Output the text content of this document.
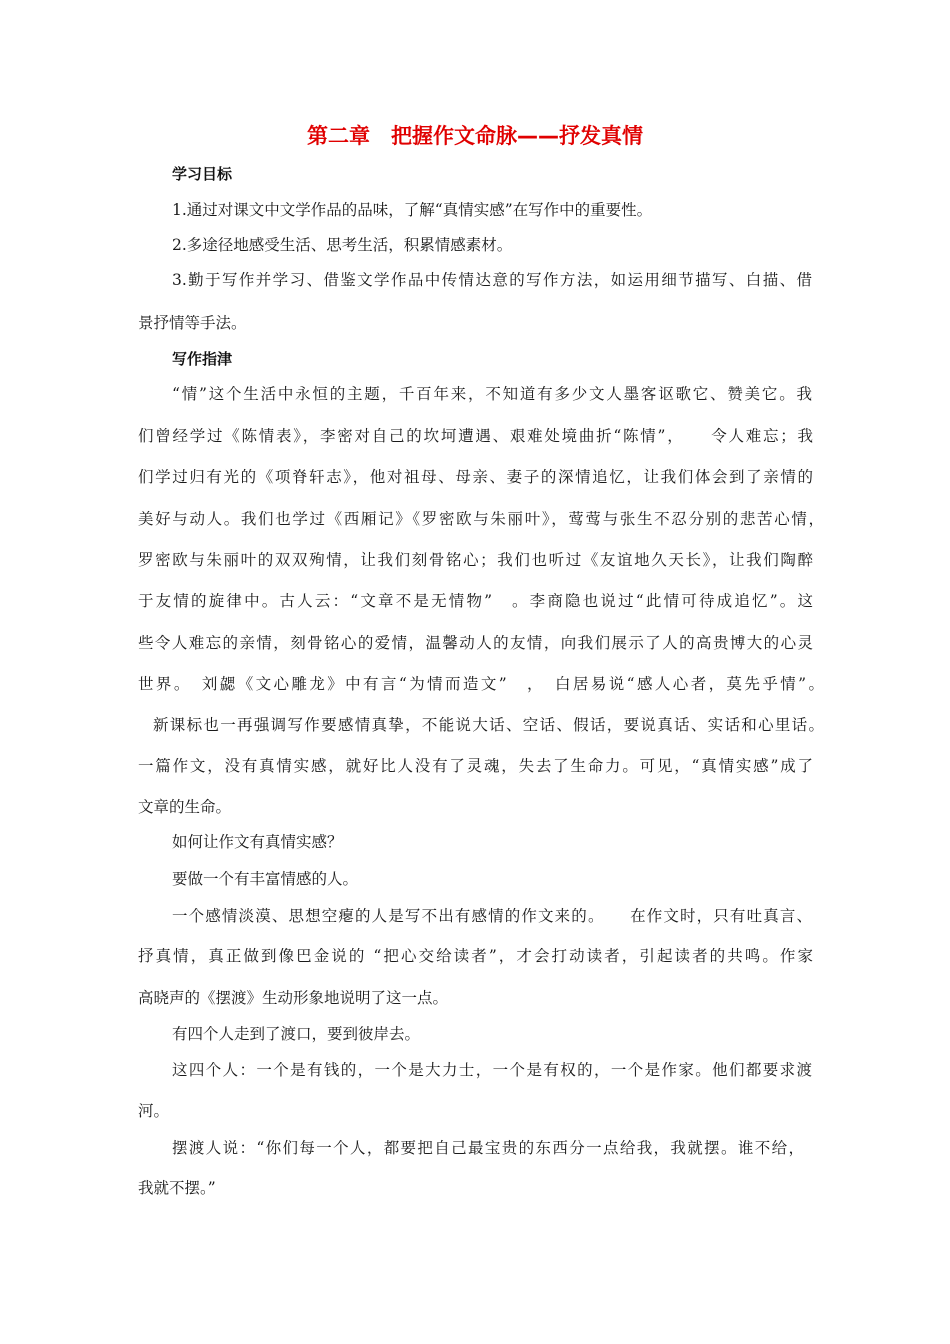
第二章　把握作文命脉——抒发真情
学习目标
1.通过对课文中文学作品的品味，了解“真情实感”在写作中的重要性。
2.多途径地感受生活、思考生活，积累情感素材。
3.勤于写作并学习、借鉴文学作品中传情达意的写作方法，如运用细节描写、白描、借
景抒情等手法。
写作指津
“情”这个生活中永恒的主题，千百年来，不知道有多少文人墨客讴歌它、赞美它。我
们曾经学过《陈情表》，李密对自己的坎坷遭遇、艰难处境曲折“陈情”，　　令人难忘；我
们学过归有光的《项脊轩志》，他对祖母、母亲、妻子的深情追忆，让我们体会到了亲情的
美好与动人。我们也学过《西厢记》《罗密欧与朱丽叶》，莺莺与张生不忍分别的悲苦心情，
罗密欧与朱丽叶的双双殉情，让我们刻骨铭心；我们也听过《友谊地久天长》，让我们陶醉
于友情的旋律中。古人云：“文章不是无情物”　。李商隐也说过“此情可待成追忆”。这
些令人难忘的亲情，刻骨铭心的爱情，温馨动人的友情，向我们展示了人的高贵博大的心灵
世界。　刘勰《文心雕龙》中有言“为情而造文”　，　白居易说“感人心者，莫先乎情”。
新课标也一再强调写作要感情真挚，不能说大话、空话、假话，要说真话、实话和心里话。
一篇作文，没有真情实感，就好比人没有了灵魂，失去了生命力。可见，“真情实感”成了
文章的生命。
如何让作文有真情实感？
要做一个有丰富情感的人。
一个感情淡漠、思想空瘪的人是写不出有感情的作文来的。　　在作文时，只有吐真言、
抒真情，真正做到像巴金说的 “把心交给读者”，才会打动读者，引起读者的共鸣。作家
高晓声的《摆渡》生动形象地说明了这一点。
有四个人走到了渡口，要到彼岸去。
这四个人：一个是有钱的，一个是大力士，一个是有权的，一个是作家。他们都要求渡
河。
摆渡人说：“你们每一个人，都要把自己最宝贵的东西分一点给我，我就摆。谁不给，
我就不摆。”
